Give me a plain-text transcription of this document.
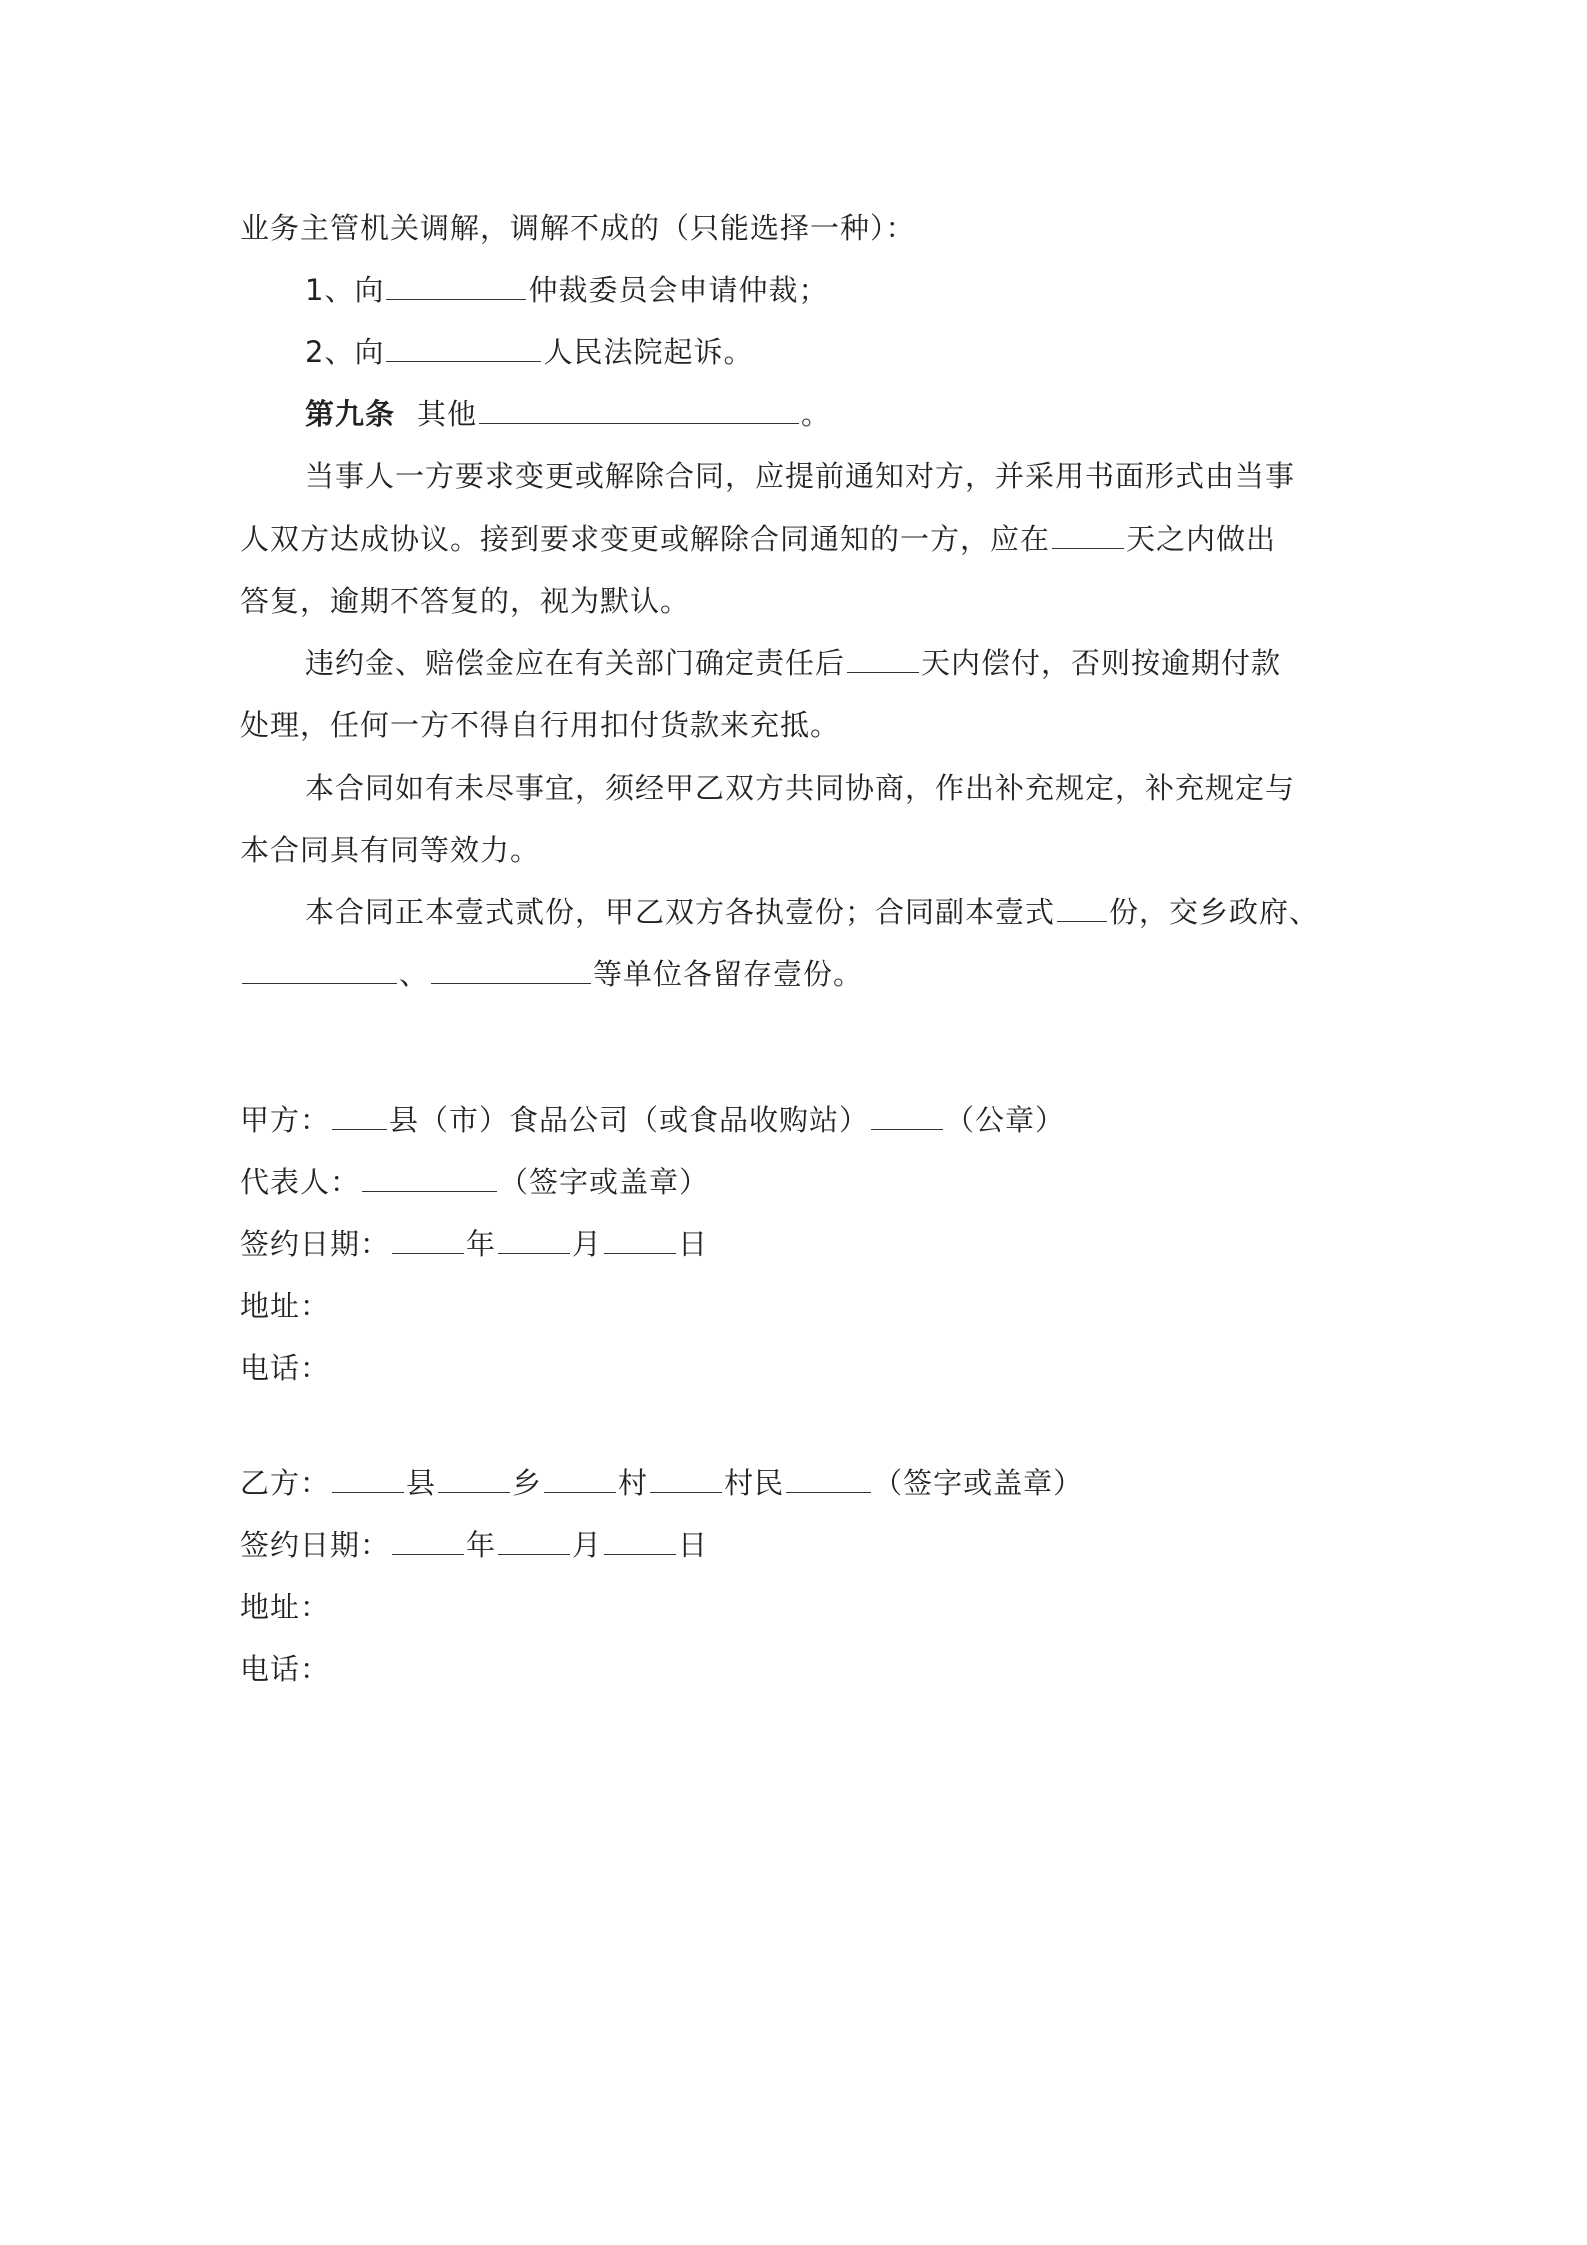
业务主管机关调解，调解不成的（只能选择一种）：
1、向	仲裁委员会申请仲裁；
2、向	人民法院起诉。
第九条 其他	。
当事人一方要求变更或解除合同，应提前通知对方，并采用书面形式由当事
人双方达成协议。接到要求变更或解除合同通知的一方，应在	天之内做出
答复，逾期不答复的，视为默认。
违约金、赔偿金应在有关部门确定责任后	天内偿付，否则按逾期付款
处理，任何一方不得自行用扣付货款来充抵。
本合同如有未尽事宜，须经甲乙双方共同协商，作出补充规定，补充规定与
本合同具有同等效力。
本合同正本壹式贰份，甲乙双方各执壹份；合同副本壹式 份，交乡政府、
、	等单位各留存壹份。
甲方： 县（市）食品公司（或食品收购站）	（公章）
代表人：	（签字或盖章）
签约日期：	年	月	日
地址：
电话：
乙方：	县	乡	村	村民	（签字或盖章）
签约日期：	年	月	日
地址：
电话：
